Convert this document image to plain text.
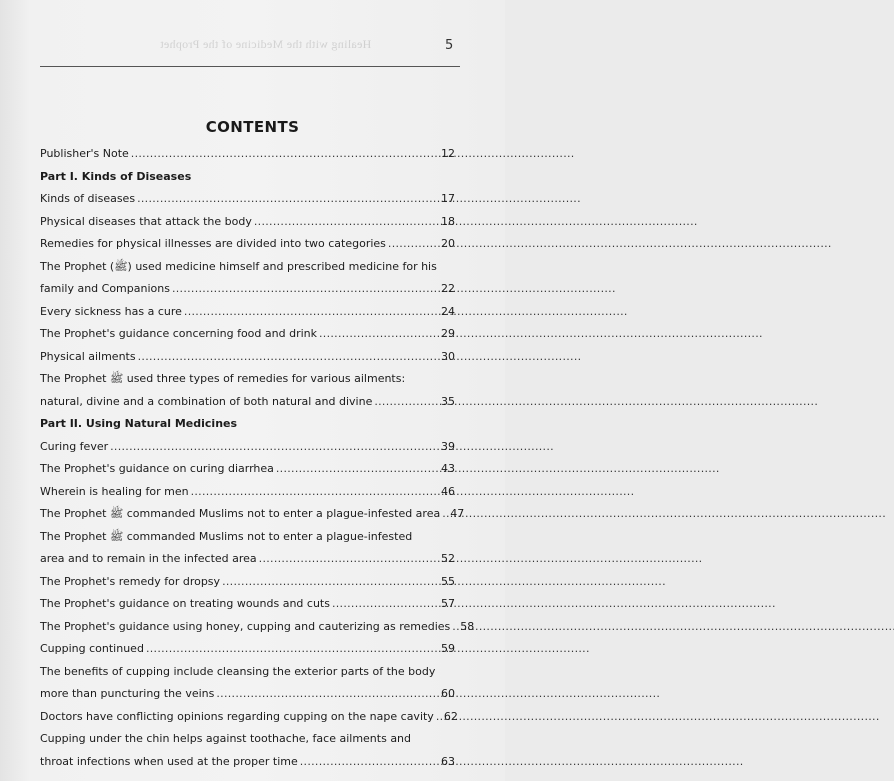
Healing with the Medicine of the Prophet	5
CONTENTS
Publisher's Note . . .	12
Part I. Kinds of Diseases
Kinds of diseases . . .	17
Physical diseases that attack the body . . .	18
Remedies for physical illnesses are divided into two categories . . .	20
The Prophet (ﷺ) used medicine himself and prescribed medicine for his
family and Companions . . .	22
Every sickness has a cure . . .	24
The Prophet's guidance concerning food and drink . . .	29
Physical ailments . . .	30
The Prophet ﷺ used three types of remedies for various ailments:
natural, divine and a combination of both natural and divine . . .	35
Part II. Using Natural Medicines
Curing fever . . .	39
The Prophet's guidance on curing diarrhea . . .	43
Wherein is healing for men . . .	46
The Prophet ﷺ commanded Muslims not to enter a plague-infested area . . . 47
The Prophet ﷺ commanded Muslims not to enter a plague-infested
area and to remain in the infected area . . .	52
The Prophet's remedy for dropsy . . .	55
The Prophet's guidance on treating wounds and cuts . . .	57
The Prophet's guidance using honey, cupping and cauterizing as remedies . . . 58
Cupping continued . . .	59
The benefits of cupping include cleansing the exterior parts of the body
more than puncturing the veins . . .	60
Doctors have conflicting opinions regarding cupping on the nape cavity . . . 62
Cupping under the chin helps against toothache, face ailments and
throat infections when used at the proper time . . .	63
